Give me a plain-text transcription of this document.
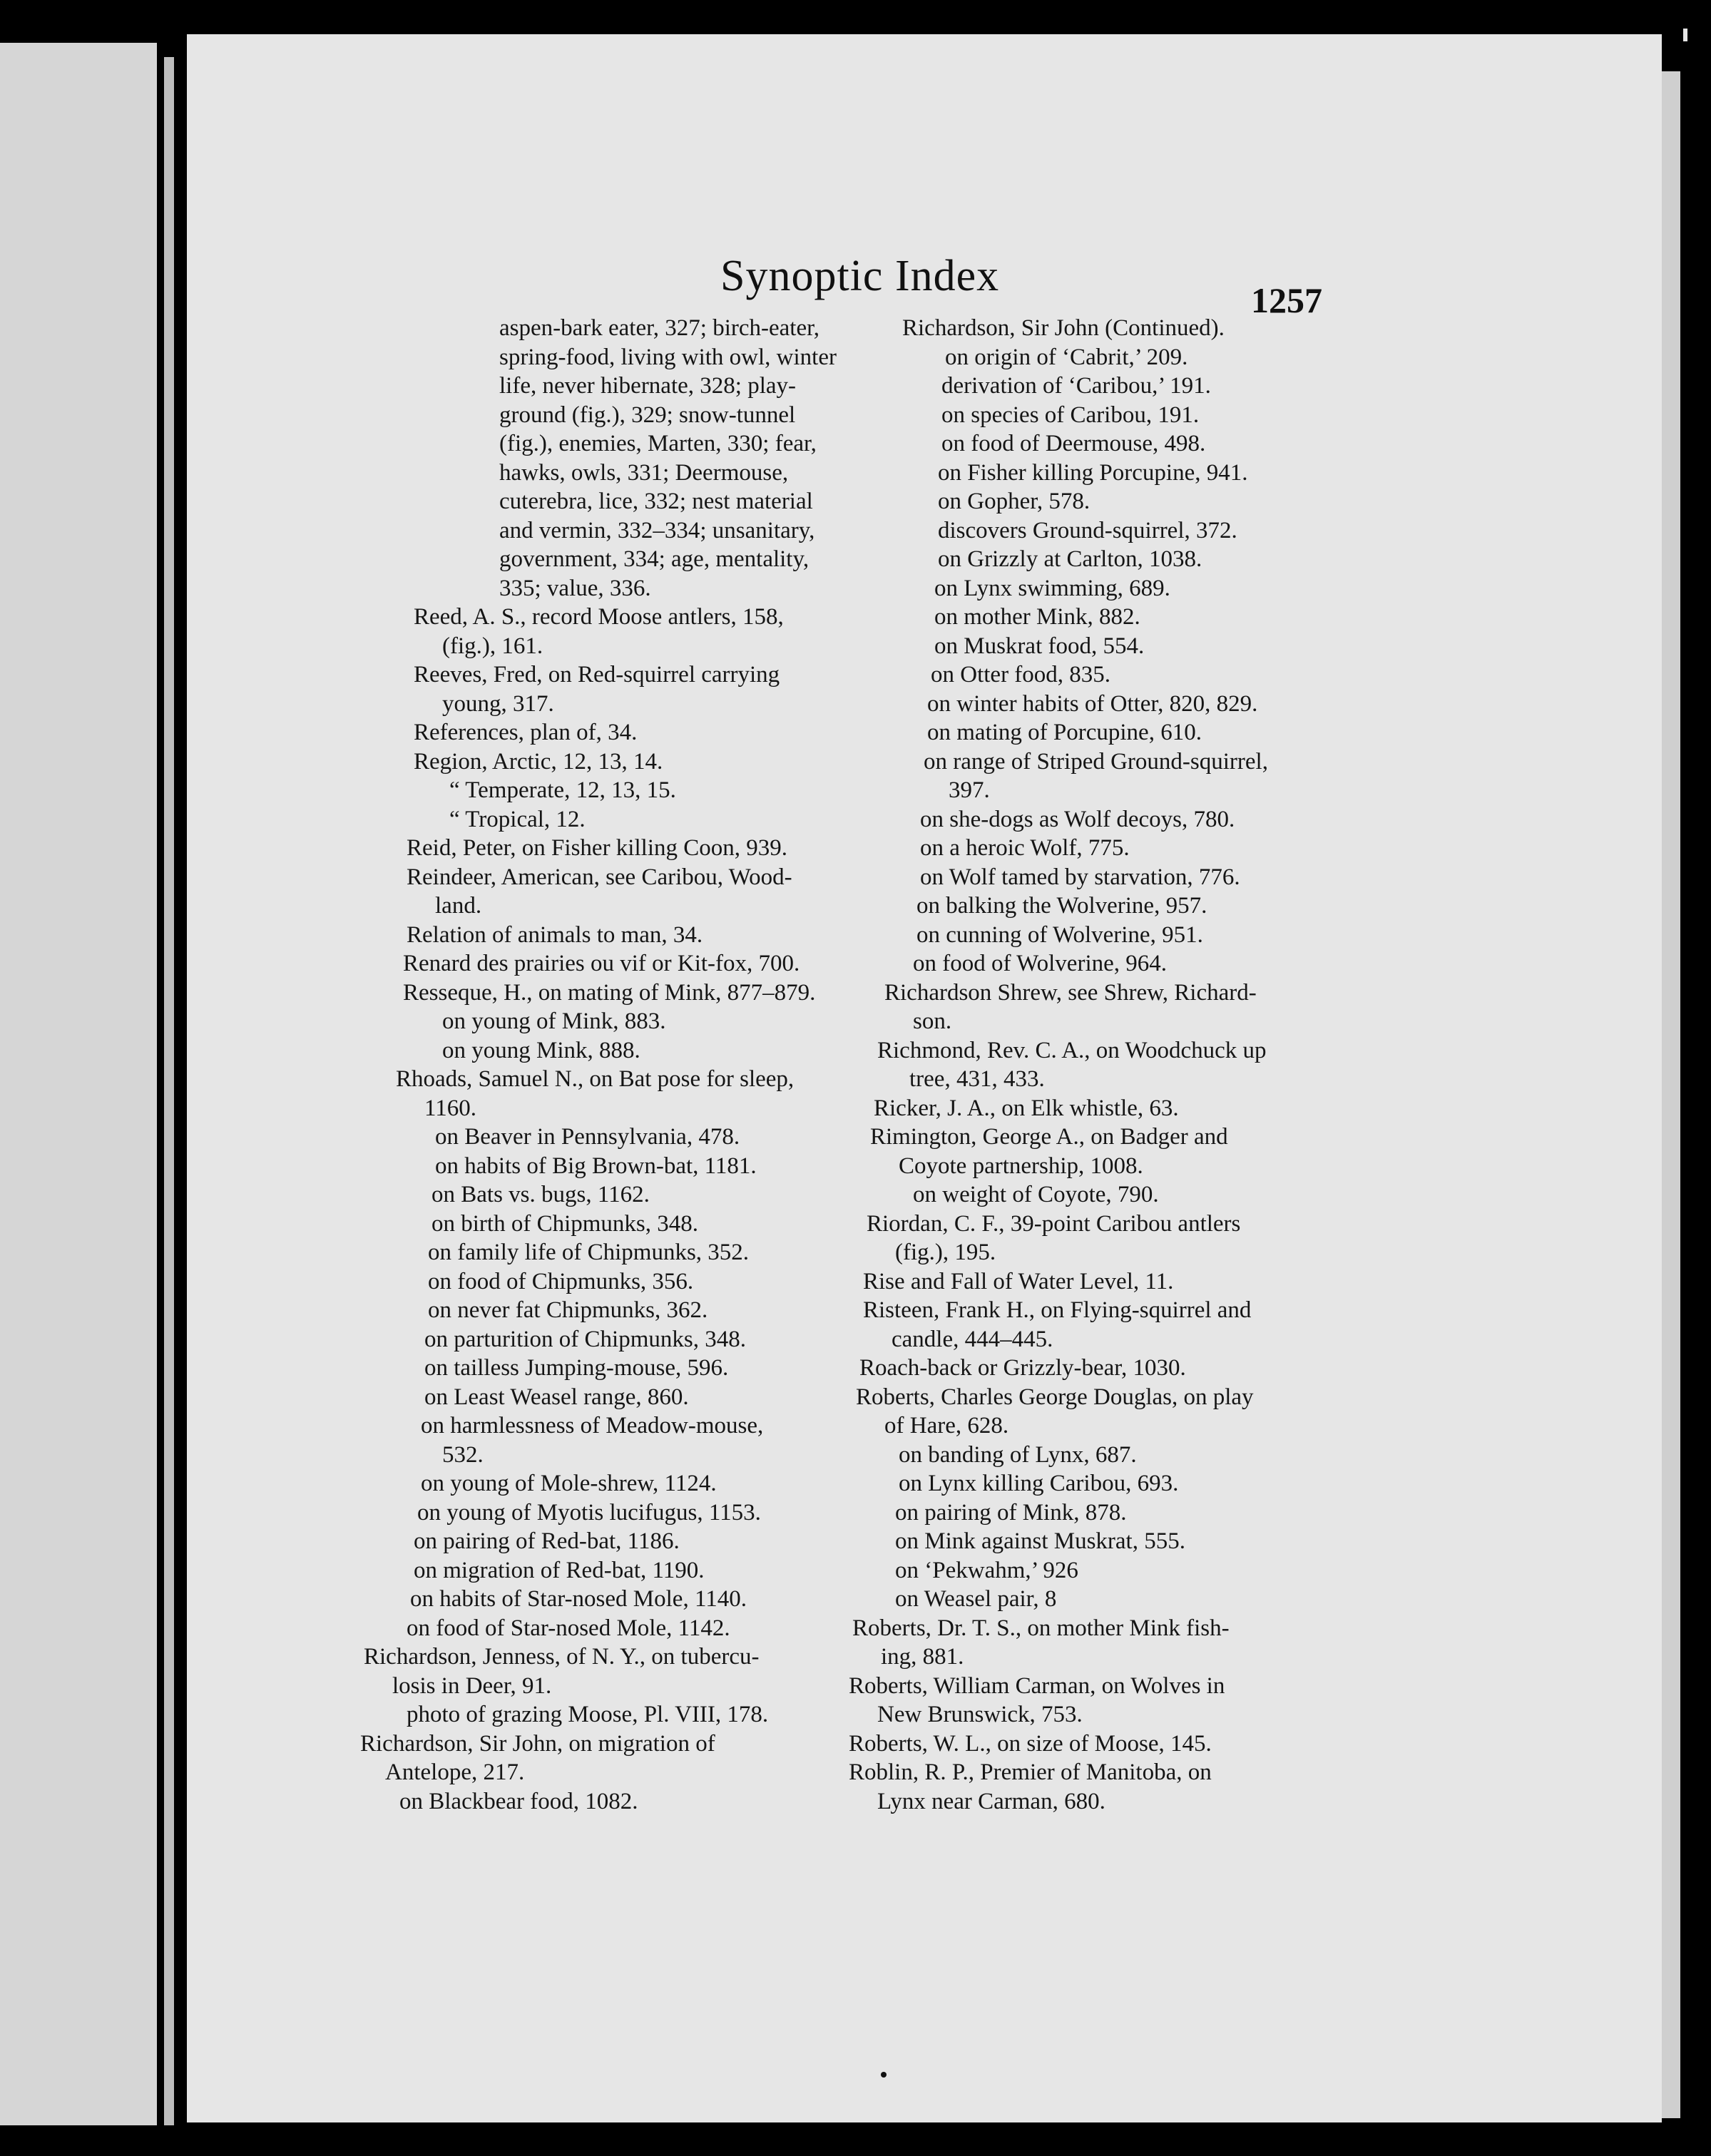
Synoptic Index	1257
aspen-bark eater, 327; birch-eater,
spring-food, living with owl, winter
life, never hibernate, 328; play-
ground (fig.), 329; snow-tunnel
(fig.), enemies, Marten, 330; fear,
hawks, owls, 331; Deermouse,
cuterebra, lice, 332; nest material
and vermin, 332–334; unsanitary,
government, 334; age, mentality,
335; value, 336.
Reed, A. S., record Moose antlers, 158,
(fig.), 161.
Reeves, Fred, on Red-squirrel carrying
young, 317.
References, plan of, 34.
Region, Arctic, 12, 13, 14.
“ Temperate, 12, 13, 15.
“ Tropical, 12.
Reid, Peter, on Fisher killing Coon, 939.
Reindeer, American, see Caribou, Wood-
land.
Relation of animals to man, 34.
Renard des prairies ou vif or Kit-fox, 700.
Resseque, H., on mating of Mink, 877–879.
on young of Mink, 883.
on young Mink, 888.
Rhoads, Samuel N., on Bat pose for sleep,
1160.
on Beaver in Pennsylvania, 478.
on habits of Big Brown-bat, 1181.
on Bats vs. bugs, 1162.
on birth of Chipmunks, 348.
on family life of Chipmunks, 352.
on food of Chipmunks, 356.
on never fat Chipmunks, 362.
on parturition of Chipmunks, 348.
on tailless Jumping-mouse, 596.
on Least Weasel range, 860.
on harmlessness of Meadow-mouse,
532.
on young of Mole-shrew, 1124.
on young of Myotis lucifugus, 1153.
on pairing of Red-bat, 1186.
on migration of Red-bat, 1190.
on habits of Star-nosed Mole, 1140.
on food of Star-nosed Mole, 1142.
Richardson, Jenness, of N. Y., on tubercu-
losis in Deer, 91.
photo of grazing Moose, Pl. VIII, 178.
Richardson, Sir John, on migration of
Antelope, 217.
on Blackbear food, 1082.
Richardson, Sir John (Continued).
on origin of ‘Cabrit,’ 209.
derivation of ‘Caribou,’ 191.
on species of Caribou, 191.
on food of Deermouse, 498.
on Fisher killing Porcupine, 941.
on Gopher, 578.
discovers Ground-squirrel, 372.
on Grizzly at Carlton, 1038.
on Lynx swimming, 689.
on mother Mink, 882.
on Muskrat food, 554.
on Otter food, 835.
on winter habits of Otter, 820, 829.
on mating of Porcupine, 610.
on range of Striped Ground-squirrel,
397.
on she-dogs as Wolf decoys, 780.
on a heroic Wolf, 775.
on Wolf tamed by starvation, 776.
on balking the Wolverine, 957.
on cunning of Wolverine, 951.
on food of Wolverine, 964.
Richardson Shrew, see Shrew, Richard-
son.
Richmond, Rev. C. A., on Woodchuck up
tree, 431, 433.
Ricker, J. A., on Elk whistle, 63.
Rimington, George A., on Badger and
Coyote partnership, 1008.
on weight of Coyote, 790.
Riordan, C. F., 39-point Caribou antlers
(fig.), 195.
Rise and Fall of Water Level, 11.
Risteen, Frank H., on Flying-squirrel and
candle, 444–445.
Roach-back or Grizzly-bear, 1030.
Roberts, Charles George Douglas, on play
of Hare, 628.
on banding of Lynx, 687.
on Lynx killing Caribou, 693.
on pairing of Mink, 878.
on Mink against Muskrat, 555.
on ‘Pekwahm,’ 926
on Weasel pair, 8
Roberts, Dr. T. S., on mother Mink fish-
ing, 881.
Roberts, William Carman, on Wolves in
New Brunswick, 753.
Roberts, W. L., on size of Moose, 145.
Roblin, R. P., Premier of Manitoba, on
Lynx near Carman, 680.
